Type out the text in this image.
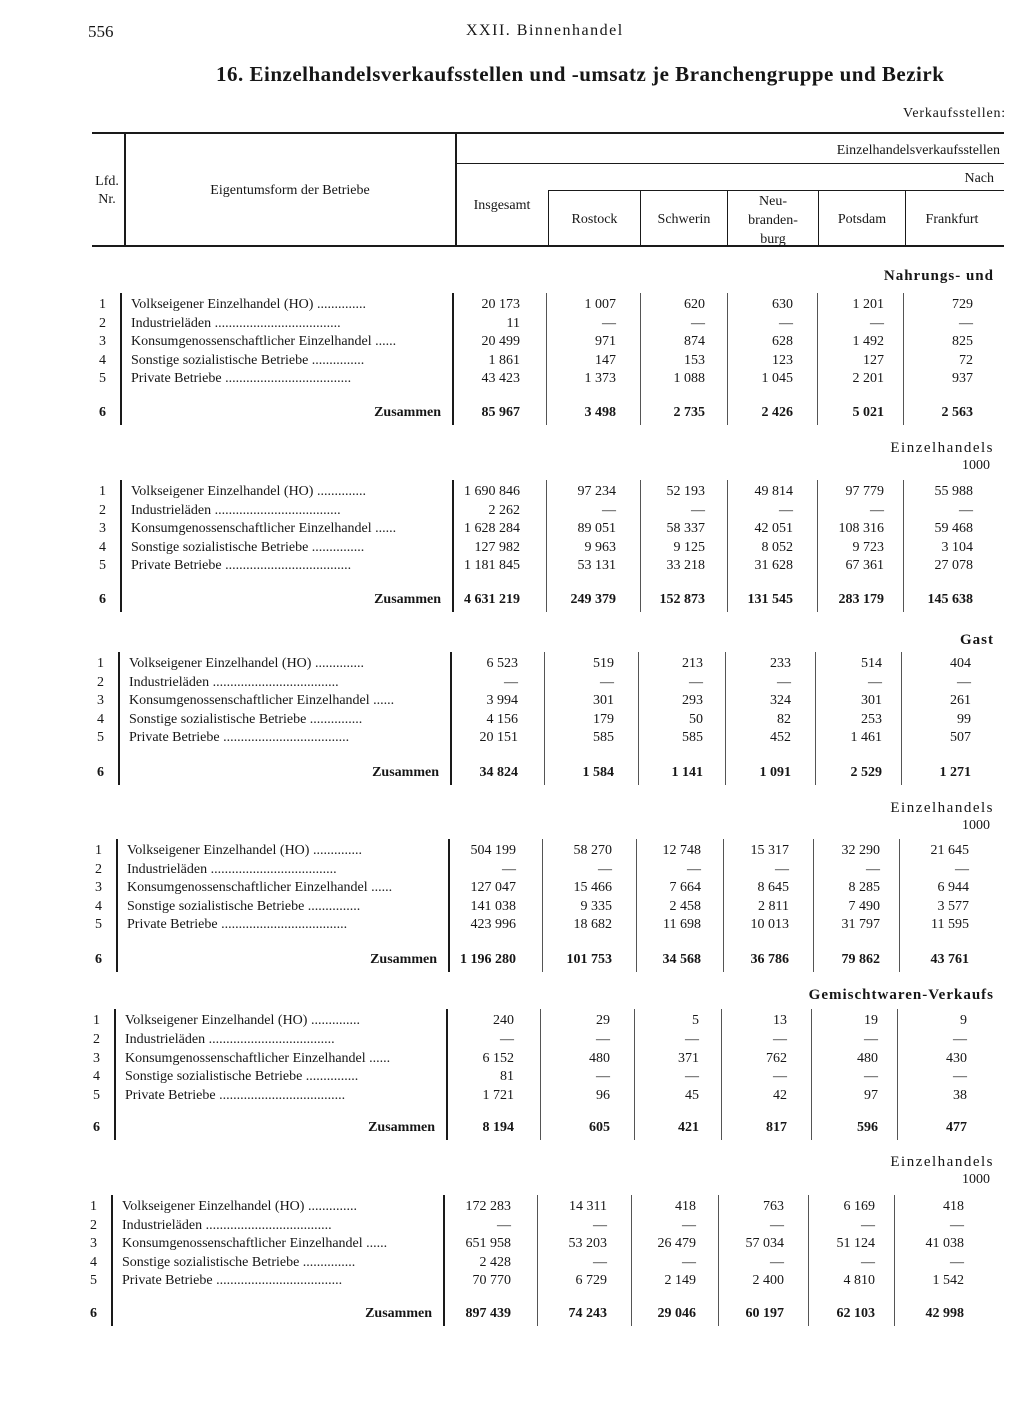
556	XXII. Binnenhandel
16. Einzelhandelsverkaufsstellen und -umsatz je Branchengruppe und Bezirk
Verkaufsstellen:
Lfd.
Nr.
Eigentumsform der Betriebe
Einzelhandelsverkaufsstellen
Nach
Insgesamt
Rostock	Schwerin
Neu-
branden-
burg
Potsdam	Frankfurt
Nahrungs- und
1 Volkseigener Einzelhandel (HO) ..............	20 173	1 007	620	630	1 201	729
2 Industrieläden ....................................	11	—	—	—	—	—
3 Konsumgenossenschaftlicher Einzelhandel ......	20 499	971	874	628	1 492	825
4 Sonstige sozialistische Betriebe ...............	1 861	147	153	123	127	72
5 Private Betriebe ....................................	43 423	1 373	1 088	1 045	2 201	937
6	Zusammen	85 967	3 498	2 735	2 426	5 021	2 563
Einzelhandels
1000
1 Volkseigener Einzelhandel (HO) ..............	1 690 846	97 234	52 193	49 814	97 779	55 988
2 Industrieläden ....................................	2 262	—	—	—	—	—
3 Konsumgenossenschaftlicher Einzelhandel ......	1 628 284	89 051	58 337	42 051	108 316	59 468
4 Sonstige sozialistische Betriebe ...............	127 982	9 963	9 125	8 052	9 723	3 104
5 Private Betriebe ....................................	1 181 845	53 131	33 218	31 628	67 361	27 078
6	Zusammen 4 631 219	249 379	152 873	131 545	283 179	145 638
Gast
1 Volkseigener Einzelhandel (HO) ..............	6 523	519	213	233	514	404
2 Industrieläden ....................................	—	—	—	—	—	—
3 Konsumgenossenschaftlicher Einzelhandel ......	3 994	301	293	324	301	261
4 Sonstige sozialistische Betriebe ...............	4 156	179	50	82	253	99
5 Private Betriebe ....................................	20 151	585	585	452	1 461	507
6	Zusammen	34 824	1 584	1 141	1 091	2 529	1 271
Einzelhandels
1000
1 Volkseigener Einzelhandel (HO) ..............	504 199	58 270	12 748	15 317	32 290	21 645
2 Industrieläden ....................................	—	—	—	—	—	—
3 Konsumgenossenschaftlicher Einzelhandel ......	127 047	15 466	7 664	8 645	8 285	6 944
4 Sonstige sozialistische Betriebe ...............	141 038	9 335	2 458	2 811	7 490	3 577
5 Private Betriebe ....................................	423 996	18 682	11 698	10 013	31 797	11 595
6	Zusammen 1 196 280	101 753	34 568	36 786	79 862	43 761
Gemischtwaren-Verkaufs
1 Volkseigener Einzelhandel (HO) ..............	240	29	5	13	19	9
2 Industrieläden ....................................	—	—	—	—	—	—
3 Konsumgenossenschaftlicher Einzelhandel ......	6 152	480	371	762	480	430
4 Sonstige sozialistische Betriebe ...............	81	—	—	—	—	—
5 Private Betriebe ....................................	1 721	96	45	42	97	38
6	Zusammen	8 194	605	421	817	596	477
Einzelhandels
1000
1 Volkseigener Einzelhandel (HO) ..............	172 283	14 311	418	763	6 169	418
2 Industrieläden ....................................	—	—	—	—	—	—
3 Konsumgenossenschaftlicher Einzelhandel ......	651 958	53 203	26 479	57 034	51 124	41 038
4 Sonstige sozialistische Betriebe ...............	2 428	—	—	—	—	—
5 Private Betriebe ....................................	70 770	6 729	2 149	2 400	4 810	1 542
6	Zusammen 897 439	74 243	29 046	60 197	62 103	42 998
